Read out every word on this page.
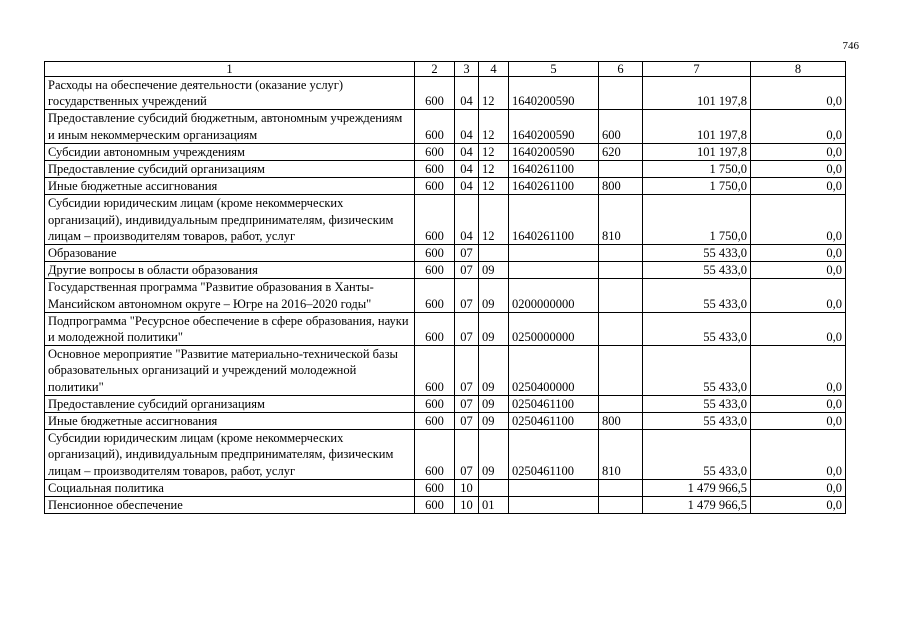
746
1	2	3	4	5	6	7	8
Расходы на обеспечение деятельности (оказание услуг) государственных учреждений	600	04	12	1640200590		101 197,8	0,0
Предоставление субсидий бюджетным, автономным учреждениям и иным некоммерческим организациям	600	04	12	1640200590	600	101 197,8	0,0
Субсидии автономным учреждениям	600	04	12	1640200590	620	101 197,8	0,0
Предоставление субсидий организациям	600	04	12	1640261100		1 750,0	0,0
Иные бюджетные ассигнования	600	04	12	1640261100	800	1 750,0	0,0
Субсидии юридическим лицам (кроме некоммерческих организаций), индивидуальным предпринимателям, физическим лицам – производителям товаров, работ, услуг	600	04	12	1640261100	810	1 750,0	0,0
Образование	600	07				55 433,0	0,0
Другие вопросы в области образования	600	07	09			55 433,0	0,0
Государственная программа "Развитие образования в Ханты-Мансийском автономном округе – Югре на 2016–2020 годы"	600	07	09	0200000000		55 433,0	0,0
Подпрограмма "Ресурсное обеспечение в сфере образования, науки и молодежной политики"	600	07	09	0250000000		55 433,0	0,0
Основное мероприятие "Развитие материально-технической базы образовательных организаций и учреждений молодежной политики"	600	07	09	0250400000		55 433,0	0,0
Предоставление субсидий организациям	600	07	09	0250461100		55 433,0	0,0
Иные бюджетные ассигнования	600	07	09	0250461100	800	55 433,0	0,0
Субсидии юридическим лицам (кроме некоммерческих организаций), индивидуальным предпринимателям, физическим лицам – производителям товаров, работ, услуг	600	07	09	0250461100	810	55 433,0	0,0
Социальная политика	600	10				1 479 966,5	0,0
Пенсионное обеспечение	600	10	01			1 479 966,5	0,0
